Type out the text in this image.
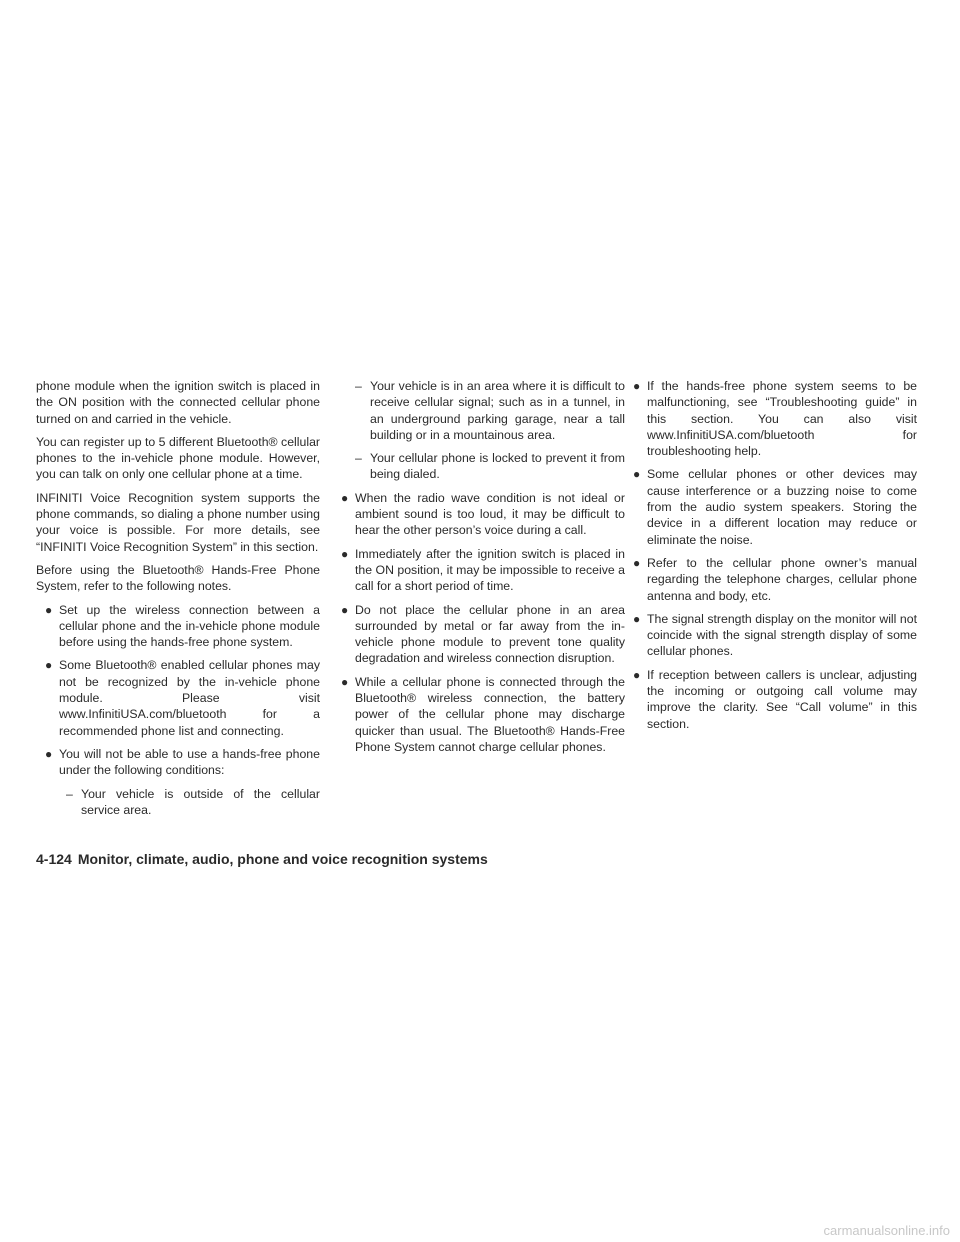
phone module when the ignition switch is placed in the ON position with the connected cellular phone turned on and carried in the vehicle.

You can register up to 5 different Bluetooth® cellular phones to the in-vehicle phone module. However, you can talk on only one cellular phone at a time.

INFINITI Voice Recognition system supports the phone commands, so dialing a phone number using your voice is possible. For more details, see “INFINITI Voice Recognition System” in this section.

Before using the Bluetooth® Hands-Free Phone System, refer to the following notes.

● Set up the wireless connection between a cellular phone and the in-vehicle phone module before using the hands-free phone system.
● Some Bluetooth® enabled cellular phones may not be recognized by the in-vehicle phone module. Please visit www.InfinitiUSA.com/bluetooth for a recommended phone list and connecting.
● You will not be able to use a hands-free phone under the following conditions:
– Your vehicle is outside of the cellular service area.
– Your vehicle is in an area where it is difficult to receive cellular signal; such as in a tunnel, in an underground parking garage, near a tall building or in a mountainous area.
– Your cellular phone is locked to prevent it from being dialed.
● When the radio wave condition is not ideal or ambient sound is too loud, it may be difficult to hear the other person’s voice during a call.
● Immediately after the ignition switch is placed in the ON position, it may be impossible to receive a call for a short period of time.
● Do not place the cellular phone in an area surrounded by metal or far away from the in-vehicle phone module to prevent tone quality degradation and wireless connection disruption.
● While a cellular phone is connected through the Bluetooth® wireless connection, the battery power of the cellular phone may discharge quicker than usual. The Bluetooth® Hands-Free Phone System cannot charge cellular phones.
● If the hands-free phone system seems to be malfunctioning, see “Troubleshooting guide” in this section. You can also visit www.InfinitiUSA.com/bluetooth for troubleshooting help.
● Some cellular phones or other devices may cause interference or a buzzing noise to come from the audio system speakers. Storing the device in a different location may reduce or eliminate the noise.
● Refer to the cellular phone owner’s manual regarding the telephone charges, cellular phone antenna and body, etc.
● The signal strength display on the monitor will not coincide with the signal strength display of some cellular phones.
● If reception between callers is unclear, adjusting the incoming or outgoing call volume may improve the clarity. See “Call volume” in this section.
4-124 Monitor, climate, audio, phone and voice recognition systems
carmanualsonline.info
